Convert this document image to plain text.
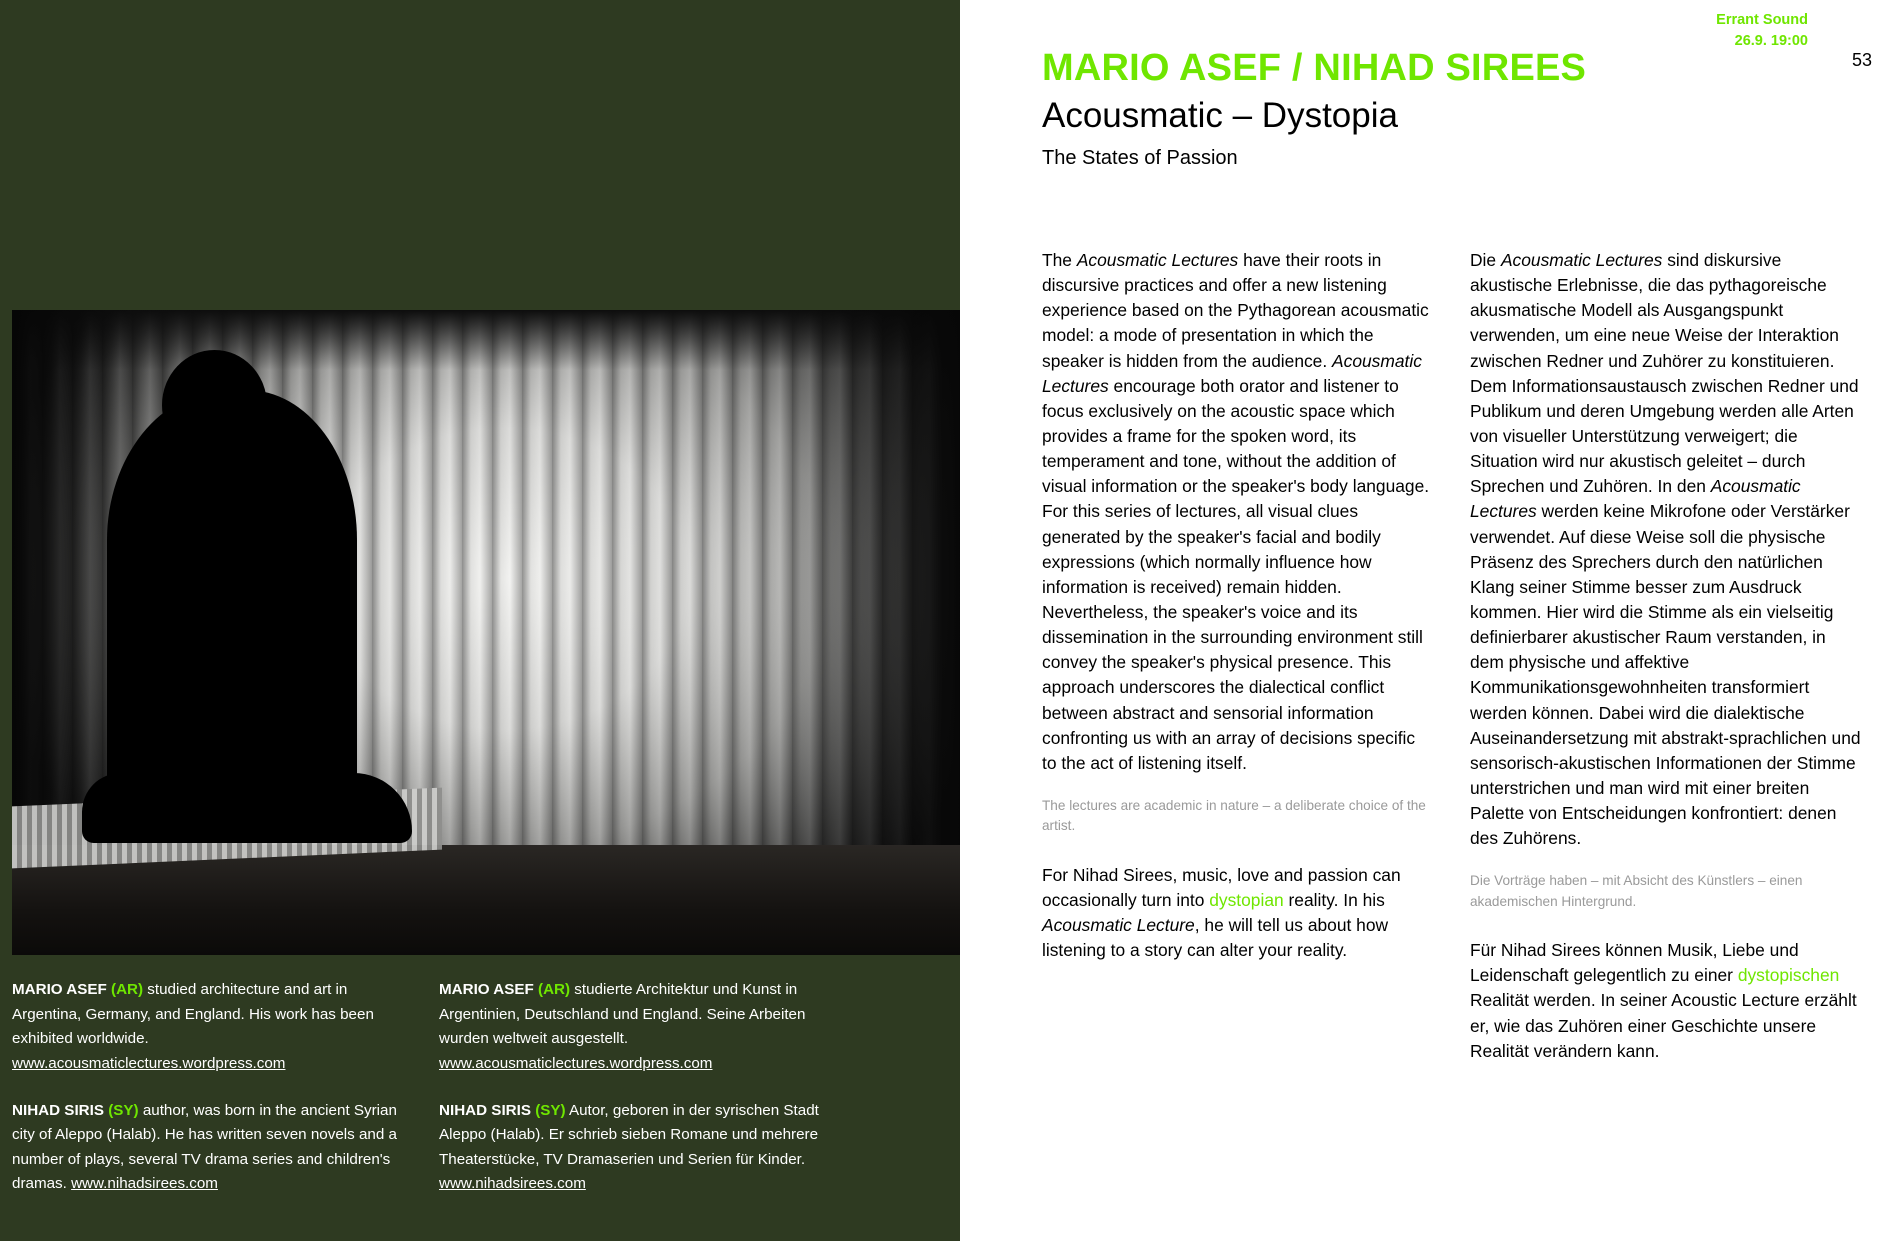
MARIO ASEF (AR) studied architecture and art in Argentina, Germany, and England. His work has been exhibited worldwide. www.acousmaticlectures.wordpress.com

NIHAD SIRIS (SY) author, was born in the ancient Syrian city of Aleppo (Halab). He has written seven novels and a number of plays, several TV drama series and children's dramas. www.nihadsirees.com

MARIO ASEF (AR) studierte Architektur und Kunst in Argentinien, Deutschland und England. Seine Arbeiten wurden weltweit ausgestellt. www.acousmaticlectures.wordpress.com

NIHAD SIRIS (SY) Autor, geboren in der syrischen Stadt Aleppo (Halab). Er schrieb sieben Romane und mehrere Theaterstücke, TV Dramaserien und Serien für Kinder. www.nihadsirees.com

Errant Sound
26.9. 19:00
53
MARIO ASEF / NIHAD SIREES
Acousmatic – Dystopia
The States of Passion

The Acousmatic Lectures have their roots in discursive practices and offer a new listening experience based on the Pythagorean acousmatic model: a mode of presentation in which the speaker is hidden from the audience. Acousmatic Lectures encourage both orator and listener to focus exclusively on the acoustic space which provides a frame for the spoken word, its temperament and tone, without the addition of visual information or the speaker's body language. For this series of lectures, all visual clues generated by the speaker's facial and bodily expressions (which normally influence how information is received) remain hidden. Nevertheless, the speaker's voice and its dissemination in the surrounding environment still convey the speaker's physical presence. This approach underscores the dialectical conflict between abstract and sensorial information confronting us with an array of decisions specific to the act of listening itself.

The lectures are academic in nature – a deliberate choice of the artist.

For Nihad Sirees, music, love and passion can occasionally turn into dystopian reality. In his Acousmatic Lecture, he will tell us about how listening to a story can alter your reality.

Die Acousmatic Lectures sind diskursive akustische Erlebnisse, die das pythagoreische akusmatische Modell als Ausgangspunkt verwenden, um eine neue Weise der Interaktion zwischen Redner und Zuhörer zu konstituieren. Dem Informationsaustausch zwischen Redner und Publikum und deren Umgebung werden alle Arten von visueller Unterstützung verweigert; die Situation wird nur akustisch geleitet – durch Sprechen und Zuhören. In den Acousmatic Lectures werden keine Mikrofone oder Verstärker verwendet. Auf diese Weise soll die physische Präsenz des Sprechers durch den natürlichen Klang seiner Stimme besser zum Ausdruck kommen. Hier wird die Stimme als ein vielseitig definierbarer akustischer Raum verstanden, in dem physische und affektive Kommunikationsgewohnheiten transformiert werden können. Dabei wird die dialektische Auseinandersetzung mit abstrakt-sprachlichen und sensorisch-akustischen Informationen der Stimme unterstrichen und man wird mit einer breiten Palette von Entscheidungen konfrontiert: denen des Zuhörens.

Die Vorträge haben – mit Absicht des Künstlers – einen akademischen Hintergrund.

Für Nihad Sirees können Musik, Liebe und Leidenschaft gelegentlich zu einer dystopischen Realität werden. In seiner Acoustic Lecture erzählt er, wie das Zuhören einer Geschichte unsere Realität verändern kann.
